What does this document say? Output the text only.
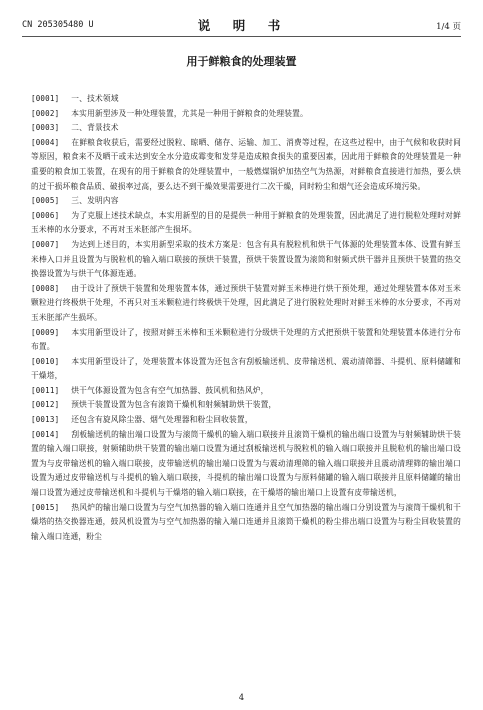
CN 205305480 U	说　明　书	1/4 页
用于鲜粮食的处理装置

[0001] 一、技术领域

[0002] 本实用新型涉及一种处理装置，尤其是一种用于鲜粮食的处理装置。

[0003] 二、背景技术

[0004] 在鲜粮食收获后，需要经过脱粒、晾晒、储存、运输、加工、消费等过程，在这些过程中，由于气候和收获时间等原因，粮食来不及晒干或未达到安全水分造成霉变和发芽是造成粮食损失的重要因素，因此用于鲜粮食的处理装置是一种重要的粮食加工装置，在现有的用于鲜粮食的处理装置中，一般燃煤锅炉加热空气为热源，对鲜粮食直接进行加热，要么烘的过干损坏粮食品质、破损率过高，要么达不到干燥效果需要进行二次干燥，同时粉尘和烟气还会造成环境污染。

[0005] 三、发明内容

[0006] 为了克服上述技术缺点，本实用新型的目的是提供一种用于鲜粮食的处理装置，因此满足了进行脱粒处理时对鲜玉米棒的水分要求，不再对玉米胚部产生损坏。

[0007] 为达到上述目的，本实用新型采取的技术方案是：包含有具有脱粒机和烘干气体源的处理装置本体、设置有鲜玉米棒入口并且设置为与脱粒机的输入端口联接的预烘干装置，预烘干装置设置为滚筒和射频式烘干器并且预烘干装置的热交换器设置为与烘干气体源连通。

[0008] 由于设计了预烘干装置和处理装置本体，通过预烘干装置对鲜玉米棒进行烘干预处理，通过处理装置本体对玉米颗粒进行终极烘干处理，不再只对玉米颗粒进行终极烘干处理，因此满足了进行脱粒处理时对鲜玉米棒的水分要求，不再对玉米胚部产生损坏。

[0009] 本实用新型设计了，按照对鲜玉米棒和玉米颗粒进行分级烘干处理的方式把预烘干装置和处理装置本体进行分布布置。

[0010] 本实用新型设计了，处理装置本体设置为还包含有刮板输送机、皮带输送机、震动清筛器、斗提机、原料储罐和干燥塔，

[0011] 烘干气体源设置为包含有空气加热器、鼓风机和热风炉，

[0012] 预烘干装置设置为包含有滚筒干燥机和射频辅助烘干装置，

[0013] 还包含有旋风除尘器、烟气处理器和粉尘回收装置，

[0014] 刮板输送机的输出端口设置为与滚筒干燥机的输入端口联接并且滚筒干燥机的输出端口设置为与射频辅助烘干装置的输入端口联接，射频辅助烘干装置的输出端口设置为通过刮板输送机与脱粒机的输入端口联接并且脱粒机的输出端口设置为与皮带输送机的输入端口联接，皮带输送机的输出端口设置为与震动清理筛的输入端口联接并且震动清理筛的输出端口设置为通过皮带输送机与斗提机的输入端口联接，斗提机的输出端口设置为与原料储罐的输入端口联接并且原料储罐的输出端口设置为通过皮带输送机和斗提机与干燥塔的输入端口联接，在干燥塔的输出端口上设置有皮带输送机，

[0015] 热风炉的输出端口设置为与空气加热器的输入端口连通并且空气加热器的输出端口分别设置为与滚筒干燥机和干燥塔的热交换器连通，鼓风机设置为与空气加热器的输入端口连通并且滚筒干燥机的粉尘排出端口设置为与粉尘回收装置的输入端口连通，粉尘

4
